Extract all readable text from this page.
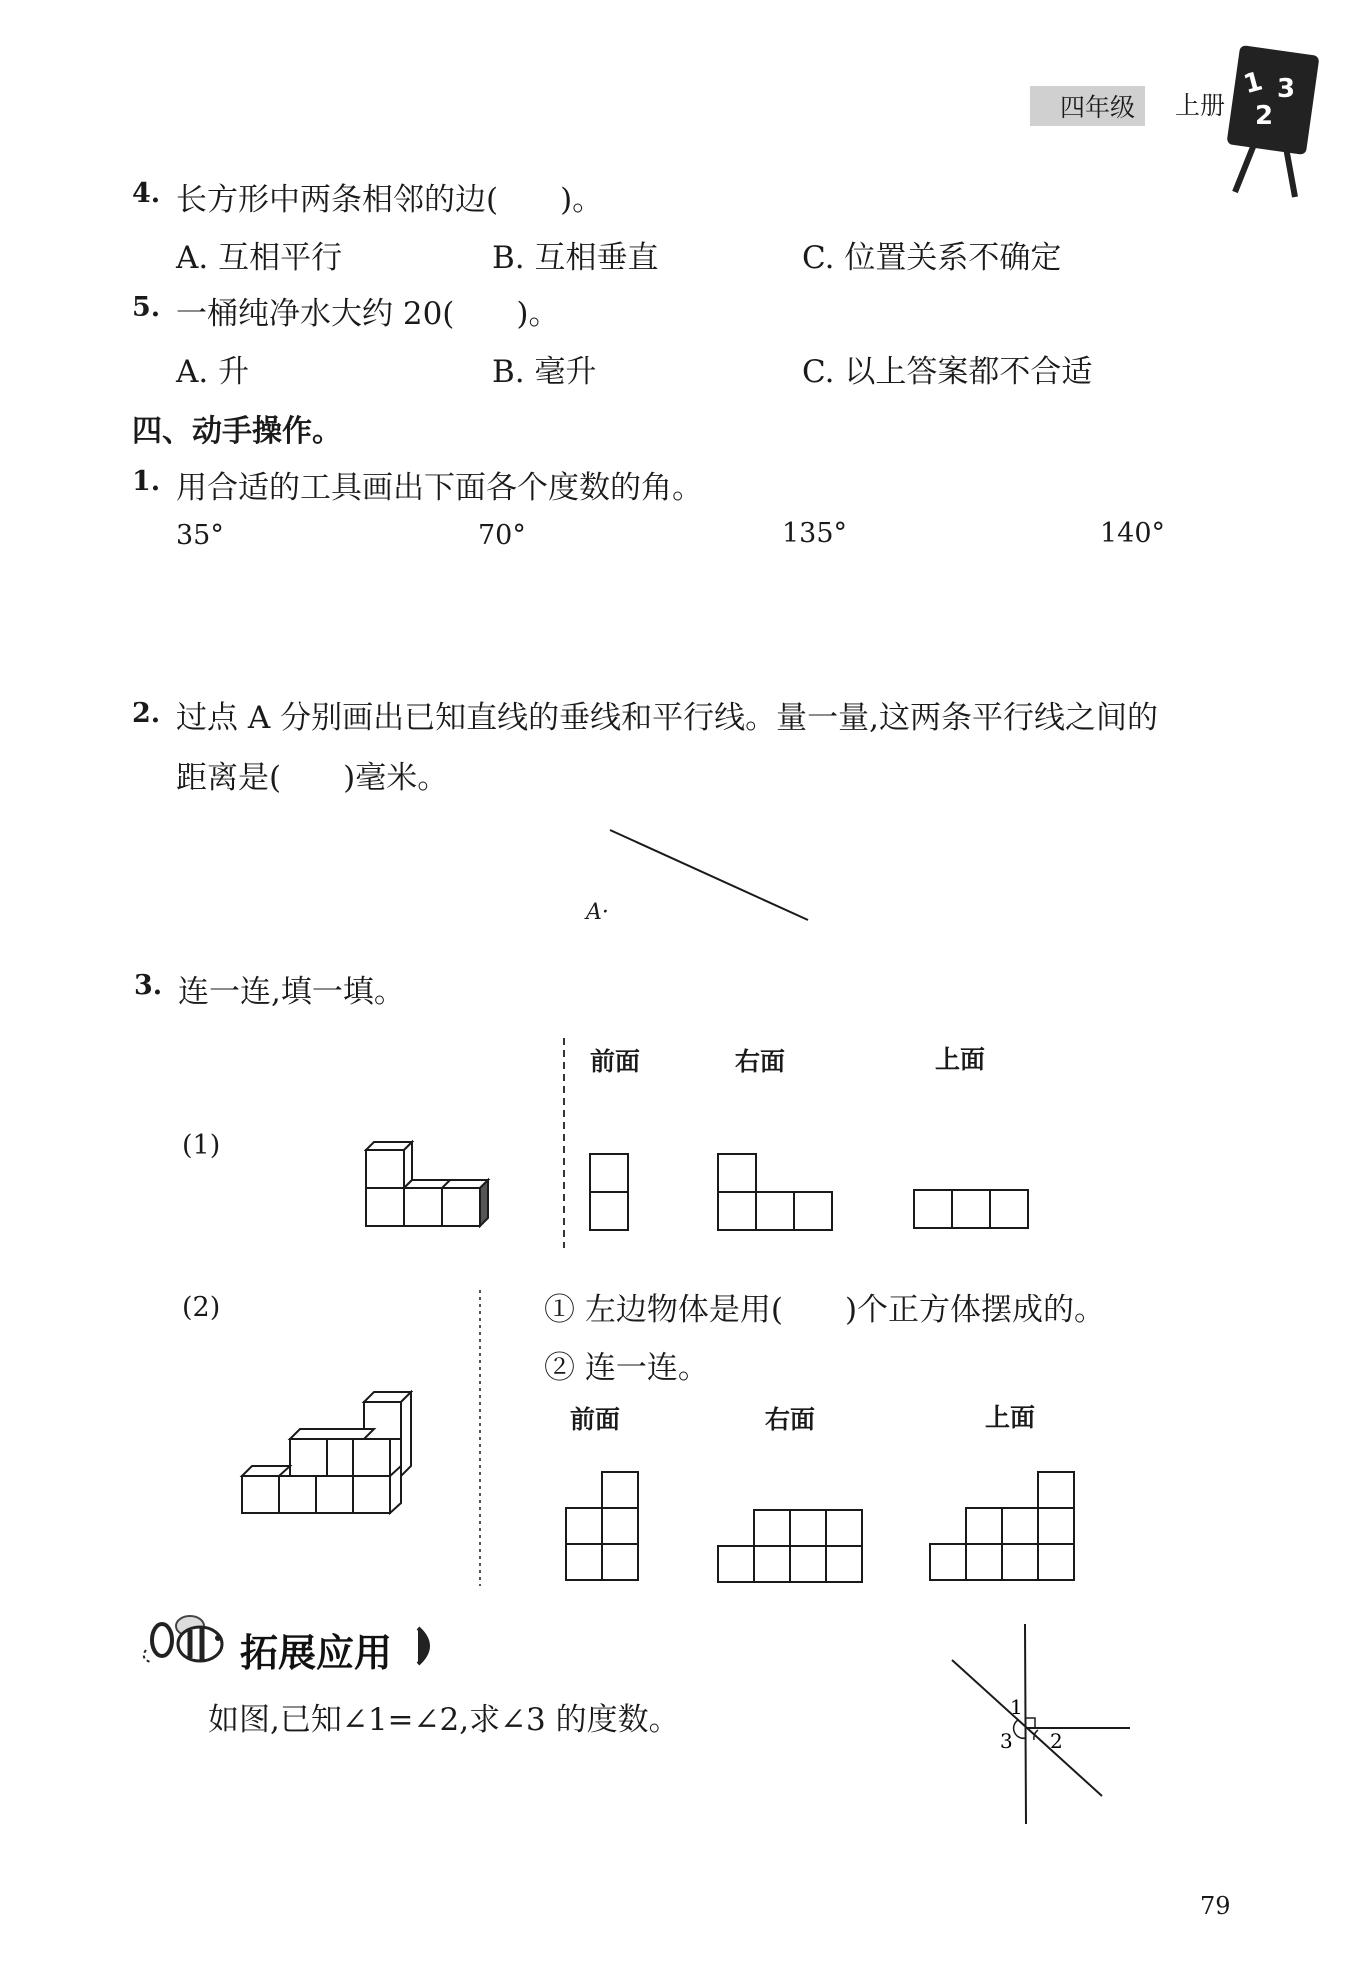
四年级	上册
1 3
2
4. 长方形中两条相邻的边(　　)。
A. 互相平行	B. 互相垂直	C. 位置关系不确定
5. 一桶纯净水大约 20(　　)。
A. 升	B. 毫升	C. 以上答案都不合适
四、动手操作。
1. 用合适的工具画出下面各个度数的角。
35°	70°	135°	140°
2. 过点 A 分别画出已知直线的垂线和平行线。量一量,这两条平行线之间的
距离是(　　)毫米。
A·
3. 连一连,填一填。
前面	右面	上面
(1)
(2)	① 左边物体是用(　　)个正方体摆成的。
② 连一连。
前面	右面	上面
拓展应用
如图,已知∠1=∠2,求∠3 的度数。	1
2
3
79
